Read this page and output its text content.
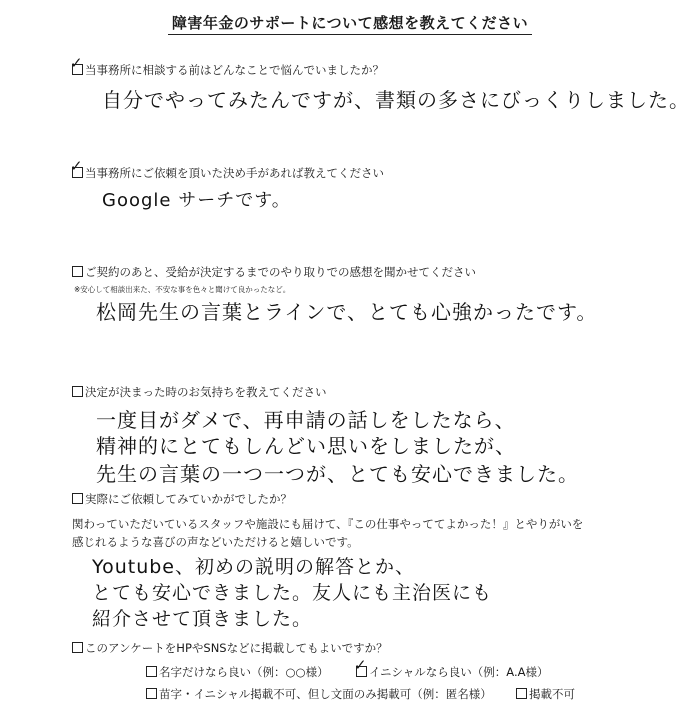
障害年金のサポートについて感想を教えてください
✓ 当事務所に相談する前はどんなことで悩んでいましたか？
自分でやってみたんですが、書類の多さにびっくりしました。
✓ 当事務所にご依頼を頂いた決め手があれば教えてください
Google サーチです。
ご契約のあと、受給が決定するまでのやり取りでの感想を聞かせてください
※安心して相談出来た、不安な事を色々と聞けて良かったなど。
松岡先生の言葉とラインで、とても心強かったです。
決定が決まった時のお気持ちを教えてください
一度目がダメで、再申請の話しをしたなら、
精神的にとてもしんどい思いをしましたが、
先生の言葉の一つ一つが、とても安心できました。
実際にご依頼してみていかがでしたか？
関わっていただいているスタッフや施設にも届けて、『この仕事やっててよかった！』とやりがいを
感じれるような喜びの声などいただけると嬉しいです。
Youtube、初めの説明の解答とか、
とても安心できました。友人にも主治医にも
紹介させて頂きました。
このアンケートをHPやSNSなどに掲載してもよいですか？
名字だけなら良い（例：○○様） ✓ イニシャルなら良い（例：A.A様）
苗字・イニシャル掲載不可、但し文面のみ掲載可（例：匿名様）	掲載不可
